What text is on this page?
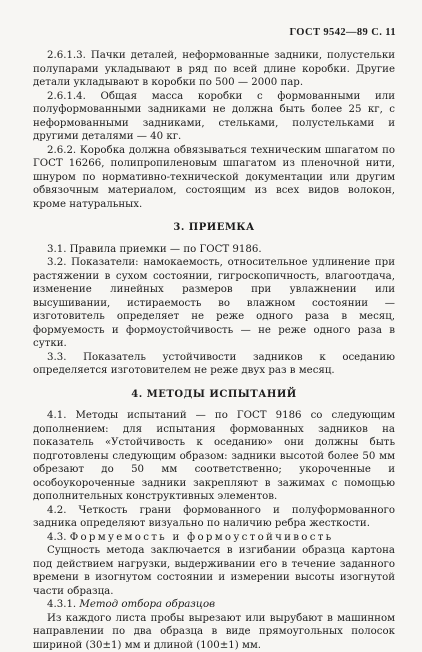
ГОСТ 9542—89 С. 11

2.6.1.3. Пачки деталей, неформованные задники, полустельки полупарами укладывают в ряд по всей длине коробки. Другие детали укладывают в коробки по 500 — 2000 пар.

2.6.1.4. Общая масса коробки с формованными или полуформованными задниками не должна быть более 25 кг, с неформованными задниками, стельками, полустельками и другими деталями — 40 кг.

2.6.2. Коробка должна обвязываться техническим шпагатом по ГОСТ 16266, полипропиленовым шпагатом из пленочной нити, шнуром по нормативно-технической документации или другим обвязочным материалом, состоящим из всех видов волокон, кроме натуральных.

3. ПРИЕМКА

3.1. Правила приемки — по ГОСТ 9186.

3.2. Показатели: намокаемость, относительное удлинение при растяжении в сухом состоянии, гигроскопичность, влагоотдача, изменение линейных размеров при увлажнении или высушивании, истираемость во влажном состоянии — изготовитель определяет не реже одного раза в месяц, формуемость и формоустойчивость — не реже одного раза в сутки.

3.3. Показатель устойчивости задников к оседанию определяется изготовителем не реже двух раз в месяц.

4. МЕТОДЫ ИСПЫТАНИЙ

4.1. Методы испытаний — по ГОСТ 9186 со следующим дополнением: для испытания формованных задников на показатель «Устойчивость к оседанию» они должны быть подготовлены следующим образом: задники высотой более 50 мм обрезают до 50 мм соответственно; укороченные и особоукороченные задники закрепляют в зажимах с помощью дополнительных конструктивных элементов.

4.2. Четкость грани формованного и полуформованного задника определяют визуально по наличию ребра жесткости.

4.3. Формуемость и формоустойчивость

Сущность метода заключается в изгибании образца картона под действием нагрузки, выдерживании его в течение заданного времени в изогнутом состоянии и измерении высоты изогнутой части образца.

4.3.1. Метод отбора образцов

Из каждого листа пробы вырезают или вырубают в машинном направлении по два образца в виде прямоугольных полосок шириной (30±1) мм и длиной (100±1) мм.
